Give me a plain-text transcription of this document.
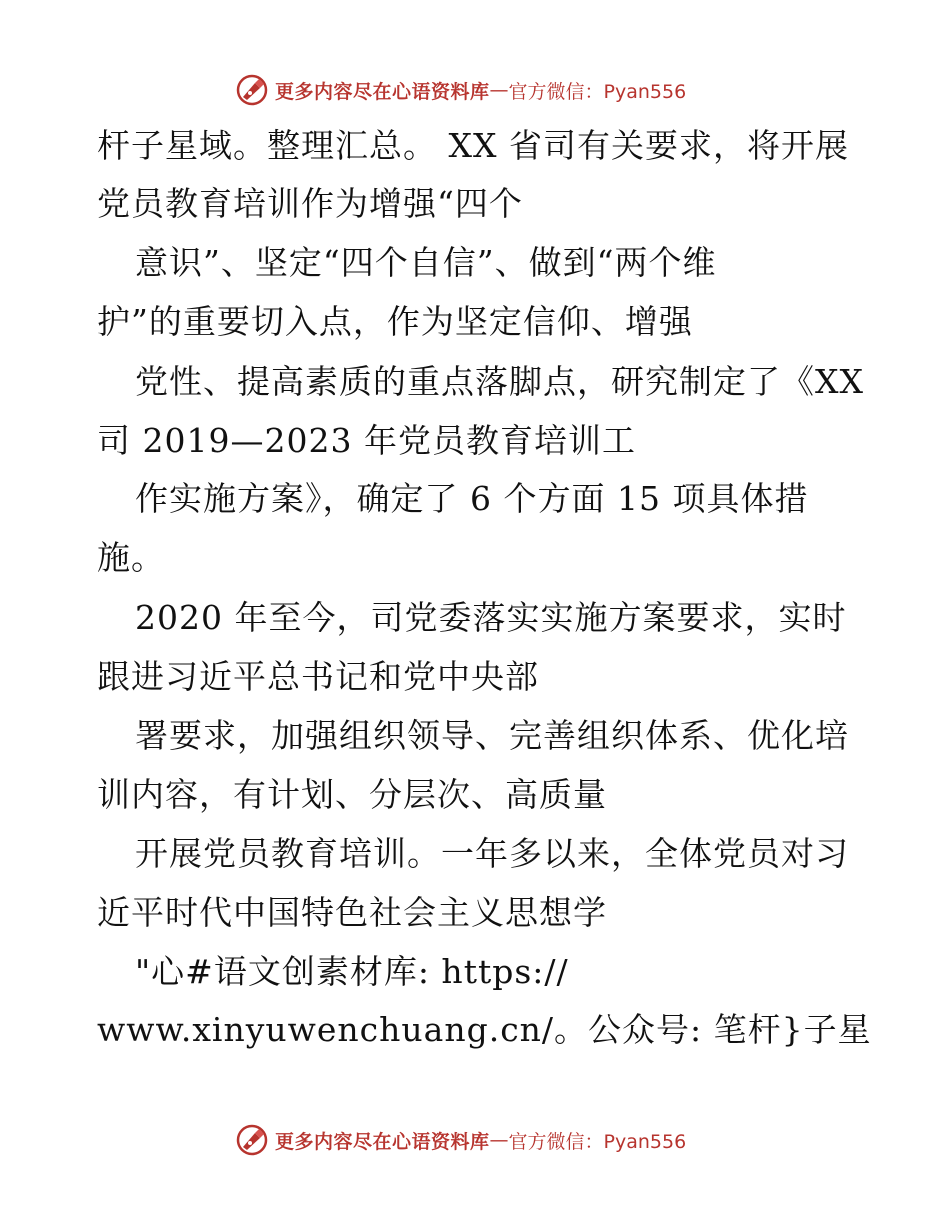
更多内容尽在心语资料库 — 官方微信：Pyan556
杆子星域。整理汇总。 XX 省司有关要求，将开展
党员教育培训作为增强“四个
意识”、坚定“四个自信”、做到“两个维
护”的重要切入点，作为坚定信仰、增强
党性、提高素质的重点落脚点，研究制定了《XX
司 2019—2023 年党员教育培训工
作实施方案》，确定了 6 个方面 15 项具体措
施。
2020 年至今，司党委落实实施方案要求，实时
跟进习近平总书记和党中央部
署要求，加强组织领导、完善组织体系、优化培
训内容，有计划、分层次、高质量
开展党员教育培训。一年多以来，全体党员对习
近平时代中国特色社会主义思想学
"心#语文创素材库: https://
www.xinyuwenchuang.cn/。公众号: 笔杆}子星
更多内容尽在心语资料库 — 官方微信：Pyan556
